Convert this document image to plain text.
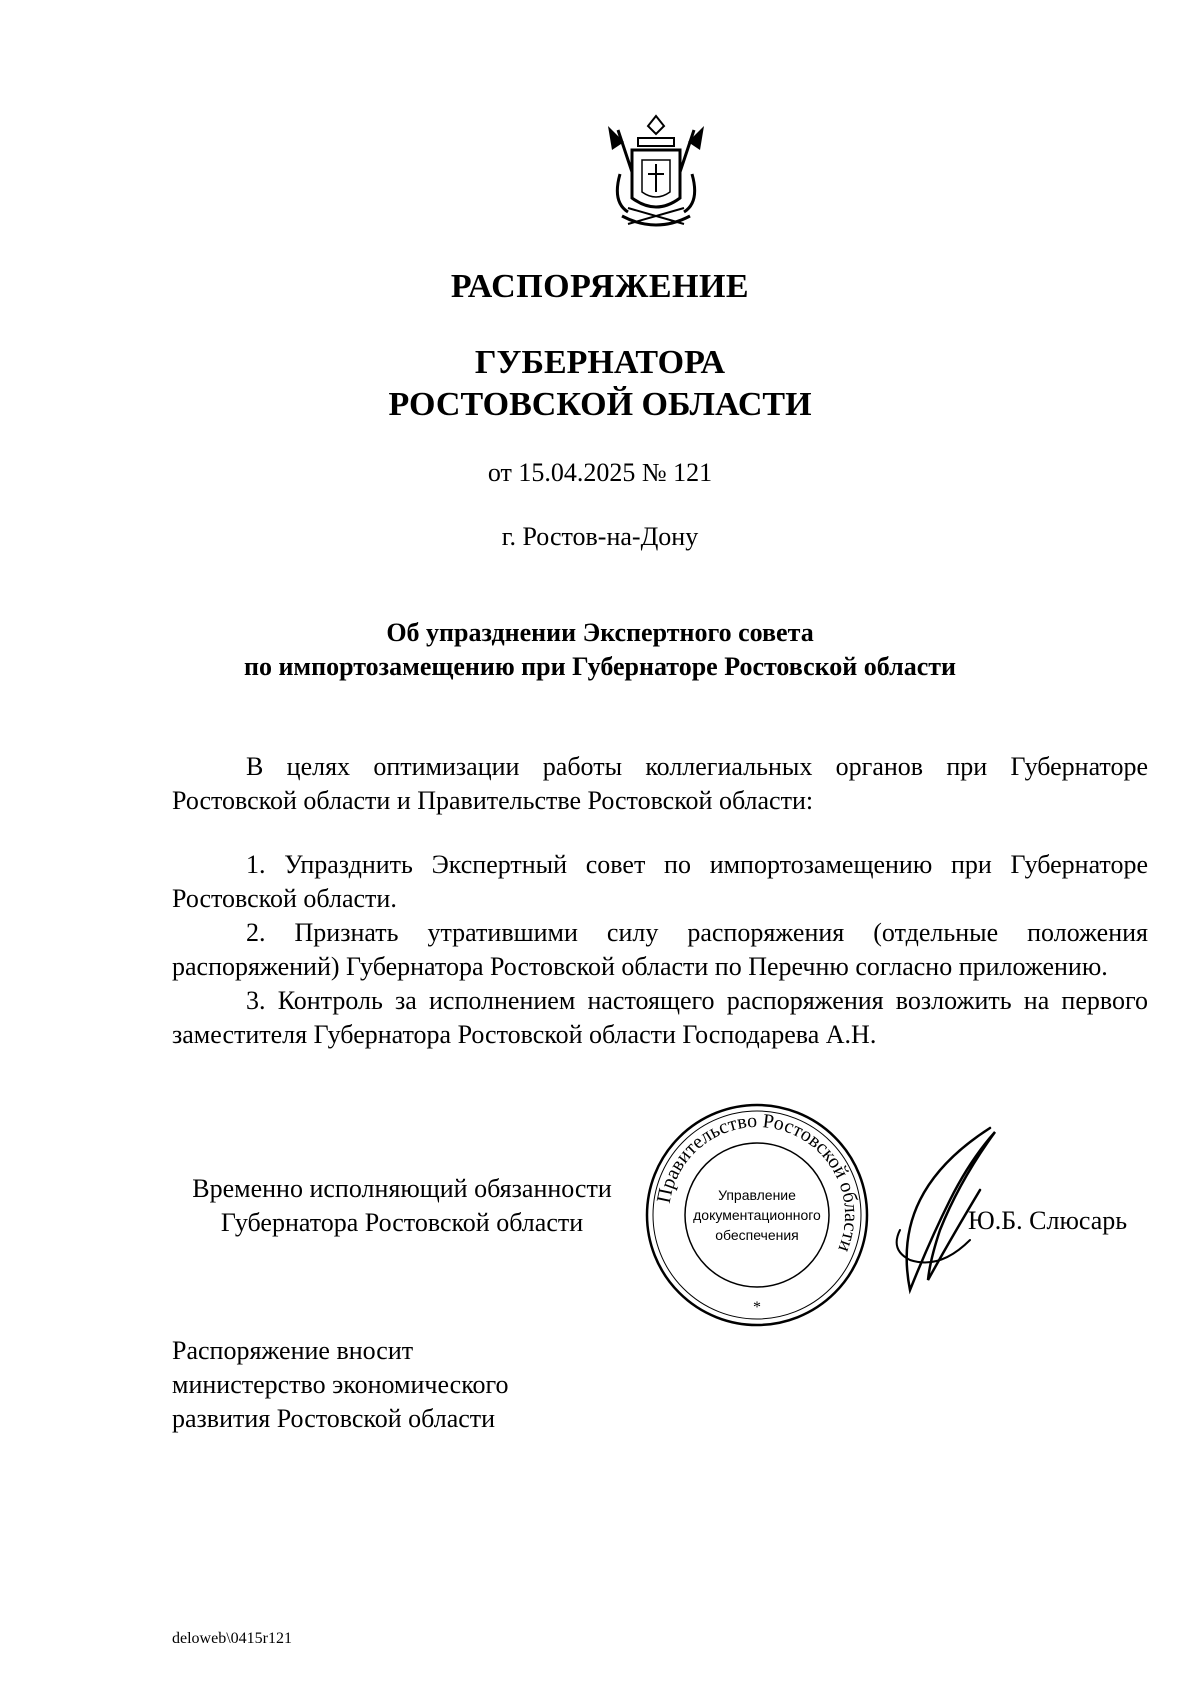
РАСПОРЯЖЕНИЕ
ГУБЕРНАТОРА
РОСТОВСКОЙ ОБЛАСТИ
от 15.04.2025 № 121
г. Ростов-на-Дону
Об упразднении Экспертного совета
по импортозамещению при Губернаторе Ростовской области
В целях оптимизации работы коллегиальных органов при Губернаторе Ростовской области и Правительстве Ростовской области:

1. Упразднить Экспертный совет по импортозамещению при Губернаторе Ростовской области.

2. Признать утратившими силу распоряжения (отдельные положения распоряжений) Губернатора Ростовской области по Перечню согласно приложению.

3. Контроль за исполнением настоящего распоряжения возложить на первого заместителя Губернатора Ростовской области Господарева А.Н.

Временно исполняющий обязанности
Губернатора Ростовской области
Правительство Ростовской области
Управление
документационного
обеспечения
*
Ю.Б. Слюсарь
Распоряжение вносит
министерство экономического
развития Ростовской области
deloweb\0415r121
